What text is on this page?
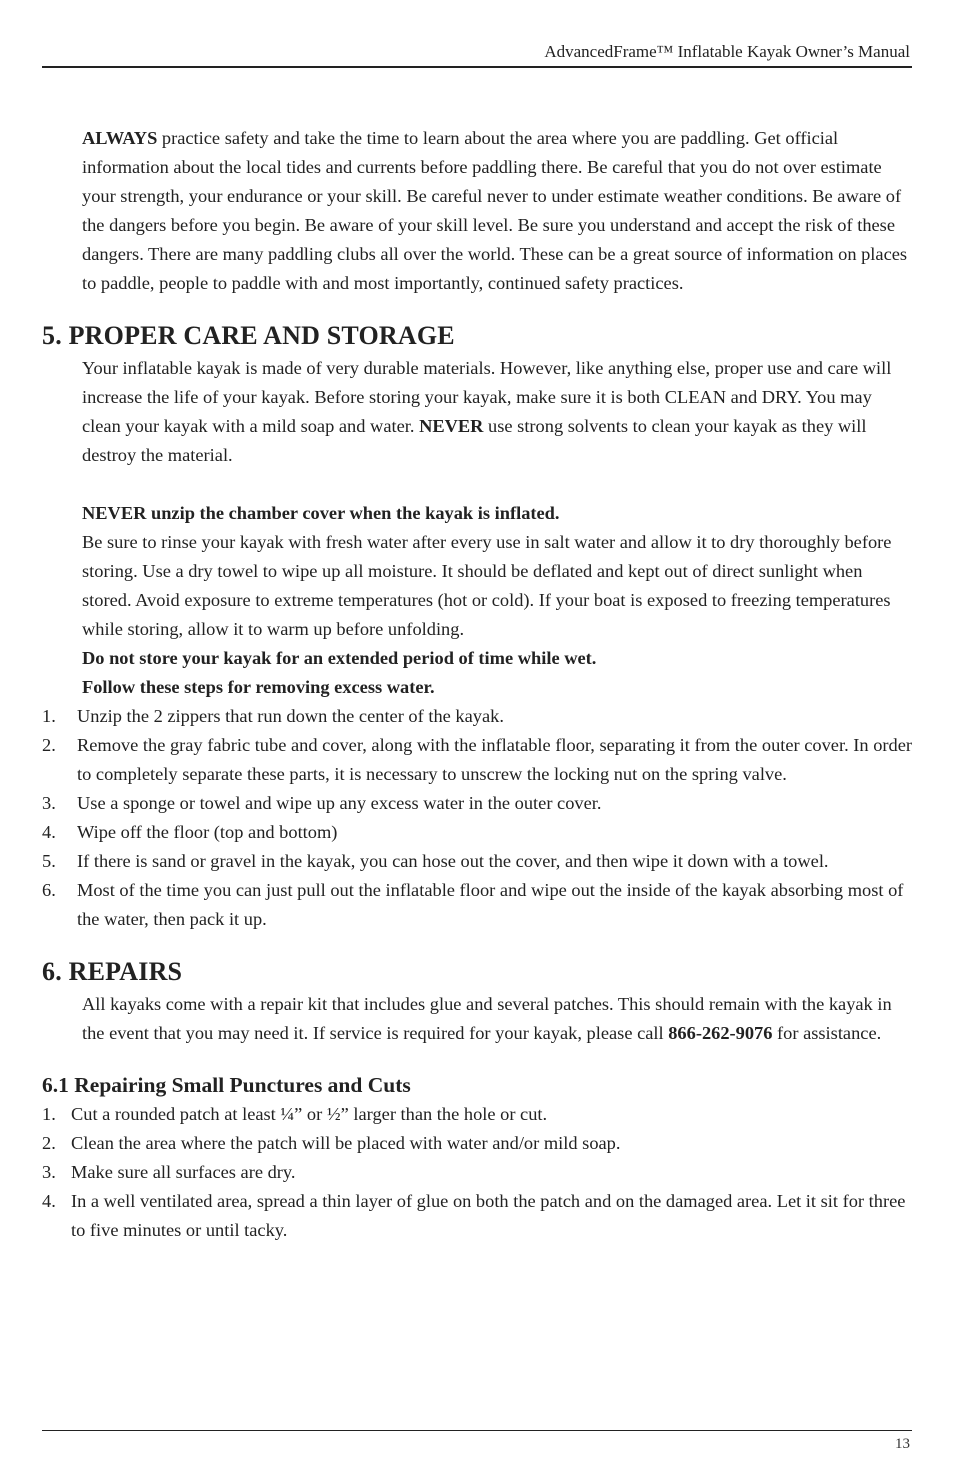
AdvancedFrame™ Inflatable Kayak Owner’s Manual

ALWAYS practice safety and take the time to learn about the area where you are paddling. Get official information about the local tides and currents before paddling there. Be careful that you do not over estimate your strength, your endurance or your skill. Be careful never to under estimate weather conditions. Be aware of the dangers before you begin. Be aware of your skill level. Be sure you understand and accept the risk of these dangers. There are many paddling clubs all over the world. These can be a great source of information on places to paddle, people to paddle with and most importantly, continued safety practices.

5. PROPER CARE AND STORAGE

Your inflatable kayak is made of very durable materials. However, like anything else, proper use and care will increase the life of your kayak. Before storing your kayak, make sure it is both CLEAN and DRY. You may clean your kayak with a mild soap and water. NEVER use strong solvents to clean your kayak as they will destroy the material.

NEVER unzip the chamber cover when the kayak is inflated.

Be sure to rinse your kayak with fresh water after every use in salt water and allow it to dry thoroughly before storing. Use a dry towel to wipe up all moisture. It should be deflated and kept out of direct sunlight when stored. Avoid exposure to extreme temperatures (hot or cold). If your boat is exposed to freezing temperatures while storing, allow it to warm up before unfolding.

Do not store your kayak for an extended period of time while wet.

Follow these steps for removing excess water.

1.	Unzip the 2 zippers that run down the center of the kayak.
2.	Remove the gray fabric tube and cover, along with the inflatable floor, separating it from the outer cover. In order to completely separate these parts, it is necessary to unscrew the locking nut on the spring valve.
3.	Use a sponge or towel and wipe up any excess water in the outer cover.
4.	Wipe off the floor (top and bottom)
5.	If there is sand or gravel in the kayak, you can hose out the cover, and then wipe it down with a towel.
6.	Most of the time you can just pull out the inflatable floor and wipe out the inside of the kayak absorbing most of the water, then pack it up.
6. REPAIRS

All kayaks come with a repair kit that includes glue and several patches. This should remain with the kayak in the event that you may need it. If service is required for your kayak, please call 866-262-9076 for assistance.

6.1 Repairing Small Punctures and Cuts
1. Cut a rounded patch at least ¼” or ½” larger than the hole or cut.
2. Clean the area where the patch will be placed with water and/or mild soap.
3. Make sure all surfaces are dry.
4. In a well ventilated area, spread a thin layer of glue on both the patch and on the damaged area. Let it sit for three to five minutes or until tacky.
13
